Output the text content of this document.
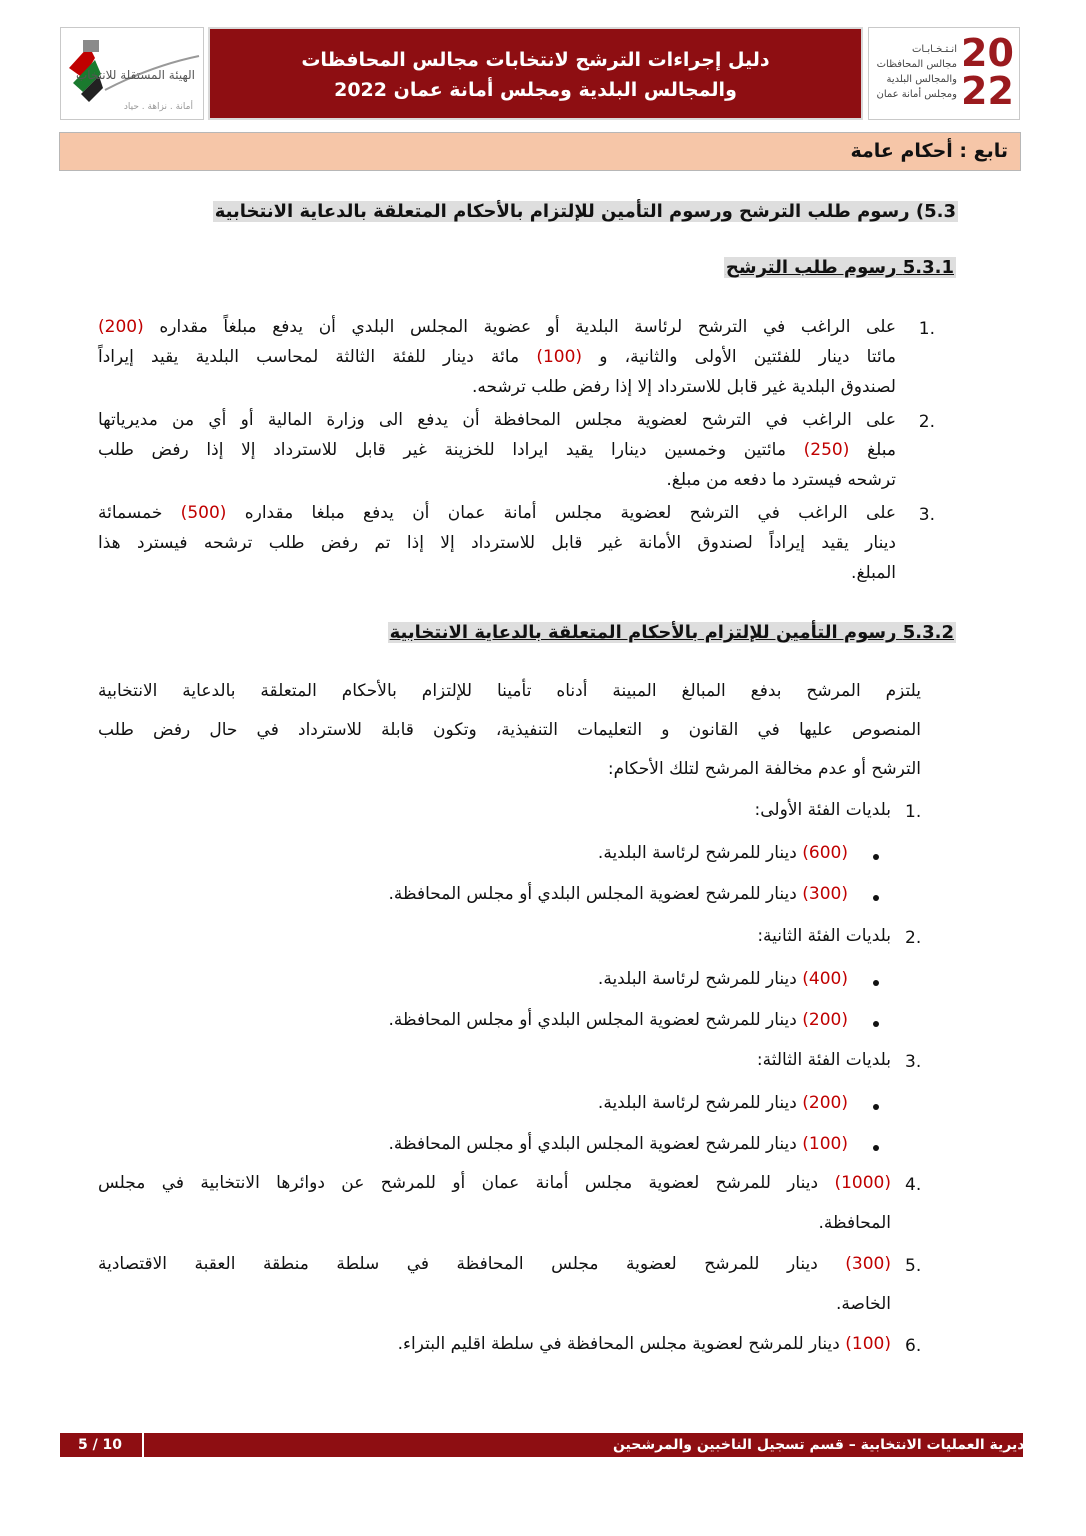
الهيئة المستقلة للانتخاب
أمانة . نزاهة . حياد
دليل إجراءات الترشح لانتخابات مجالس المحافظات
والمجالس البلدية ومجلس أمانة عمان 2022
20
22
انـتـخـابـات
مجالس المحافظات
والمجالس البلدية
ومجلس أمانة عمان
تابع : أحكام عامة
5.3) رسوم طلب الترشح ورسوم التأمين للإلتزام بالأحكام المتعلقة بالدعاية الانتخابية
5.3.1 رسوم طلب الترشح
1.
على الراغب في الترشح لرئاسة البلدية أو عضوية المجلس البلدي أن يدفع مبلغاً مقداره (200)
مائتا دينار للفئتين الأولى والثانية، و (100) مائة دينار للفئة الثالثة لمحاسب البلدية يقيد إيراداً
لصندوق البلدية غير قابل للاسترداد إلا إذا رفض طلب ترشحه.
2.
على الراغب في الترشح لعضوية مجلس المحافظة أن يدفع الى وزارة المالية أو أي من مديرياتها
مبلغ (250) مائتين وخمسين دينارا يقيد ايرادا للخزينة غير قابل للاسترداد إلا إذا رفض طلب
ترشحه فيسترد ما دفعه من مبلغ.
3.
على الراغب في الترشح لعضوية مجلس أمانة عمان أن يدفع مبلغا مقداره (500) خمسمائة
دينار يقيد إيراداً لصندوق الأمانة غير قابل للاسترداد إلا إذا تم رفض طلب ترشحه فيسترد هذا
المبلغ.
5.3.2 رسوم التأمين للإلتزام بالأحكام المتعلقة بالدعاية الانتخابية
يلتزم المرشح بدفع المبالغ المبينة أدناه تأمينا للإلتزام بالأحكام المتعلقة بالدعاية الانتخابية
المنصوص عليها في القانون و التعليمات التنفيذية، وتكون قابلة للاسترداد في حال رفض طلب
الترشح أو عدم مخالفة المرشح لتلك الأحكام:
1.
بلديات الفئة الأولى:
(600) دينار للمرشح لرئاسة البلدية.
(300) دينار للمرشح لعضوية المجلس البلدي أو مجلس المحافظة.
2.
بلديات الفئة الثانية:
(400) دينار للمرشح لرئاسة البلدية.
(200) دينار للمرشح لعضوية المجلس البلدي أو مجلس المحافظة.
3.
بلديات الفئة الثالثة:
(200) دينار للمرشح لرئاسة البلدية.
(100) دينار للمرشح لعضوية المجلس البلدي أو مجلس المحافظة.
4.
(1000) دينار للمرشح لعضوية مجلس أمانة عمان أو للمرشح عن دوائرها الانتخابية في مجلس
المحافظة.
5.
(300) دينار للمرشح لعضوية مجلس المحافظة في سلطة منطقة العقبة الاقتصادية
الخاصة.
6.
(100) دينار للمرشح لعضوية مجلس المحافظة في سلطة اقليم البتراء.
5 / 10	مديرية العمليات الانتخابية – قسم تسجيل الناخبين والمرشحين
